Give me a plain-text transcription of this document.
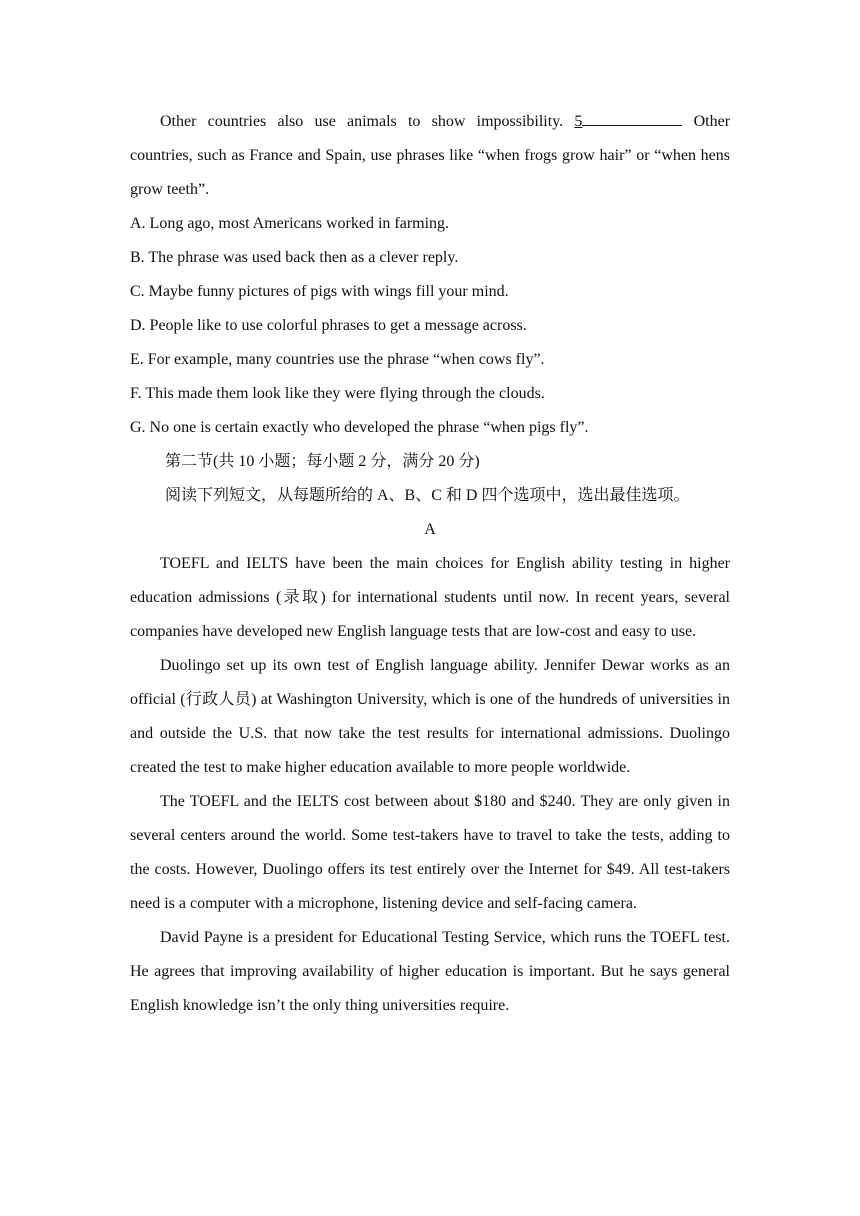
Other countries also use animals to show impossibility. 5	Other countries, such as France and Spain, use phrases like “when frogs grow hair” or “when hens grow teeth”.
A. Long ago, most Americans worked in farming.
B. The phrase was used back then as a clever reply.
C. Maybe funny pictures of pigs with wings fill your mind.
D. People like to use colorful phrases to get a message across.
E. For example, many countries use the phrase “when cows fly”.
F. This made them look like they were flying through the clouds.
G. No one is certain exactly who developed the phrase “when pigs fly”.
第二节(共 10 小题；每小题 2 分，满分 20 分)
阅读下列短文，从每题所给的 A、B、C 和 D 四个选项中，选出最佳选项。
A
TOEFL and IELTS have been the main choices for English ability testing in higher education admissions (录取) for international students until now. In recent years, several companies have developed new English language tests that are low-cost and easy to use.
Duolingo set up its own test of English language ability. Jennifer Dewar works as an official (行政人员) at Washington University, which is one of the hundreds of universities in and outside the U.S. that now take the test results for international admissions. Duolingo created the test to make higher education available to more people worldwide.
The TOEFL and the IELTS cost between about $180 and $240. They are only given in several centers around the world. Some test-takers have to travel to take the tests, adding to the costs. However, Duolingo offers its test entirely over the Internet for $49. All test-takers need is a computer with a microphone, listening device and self-facing camera.
David Payne is a president for Educational Testing Service, which runs the TOEFL test. He agrees that improving availability of higher education is important. But he says general English knowledge isn’t the only thing universities require.
